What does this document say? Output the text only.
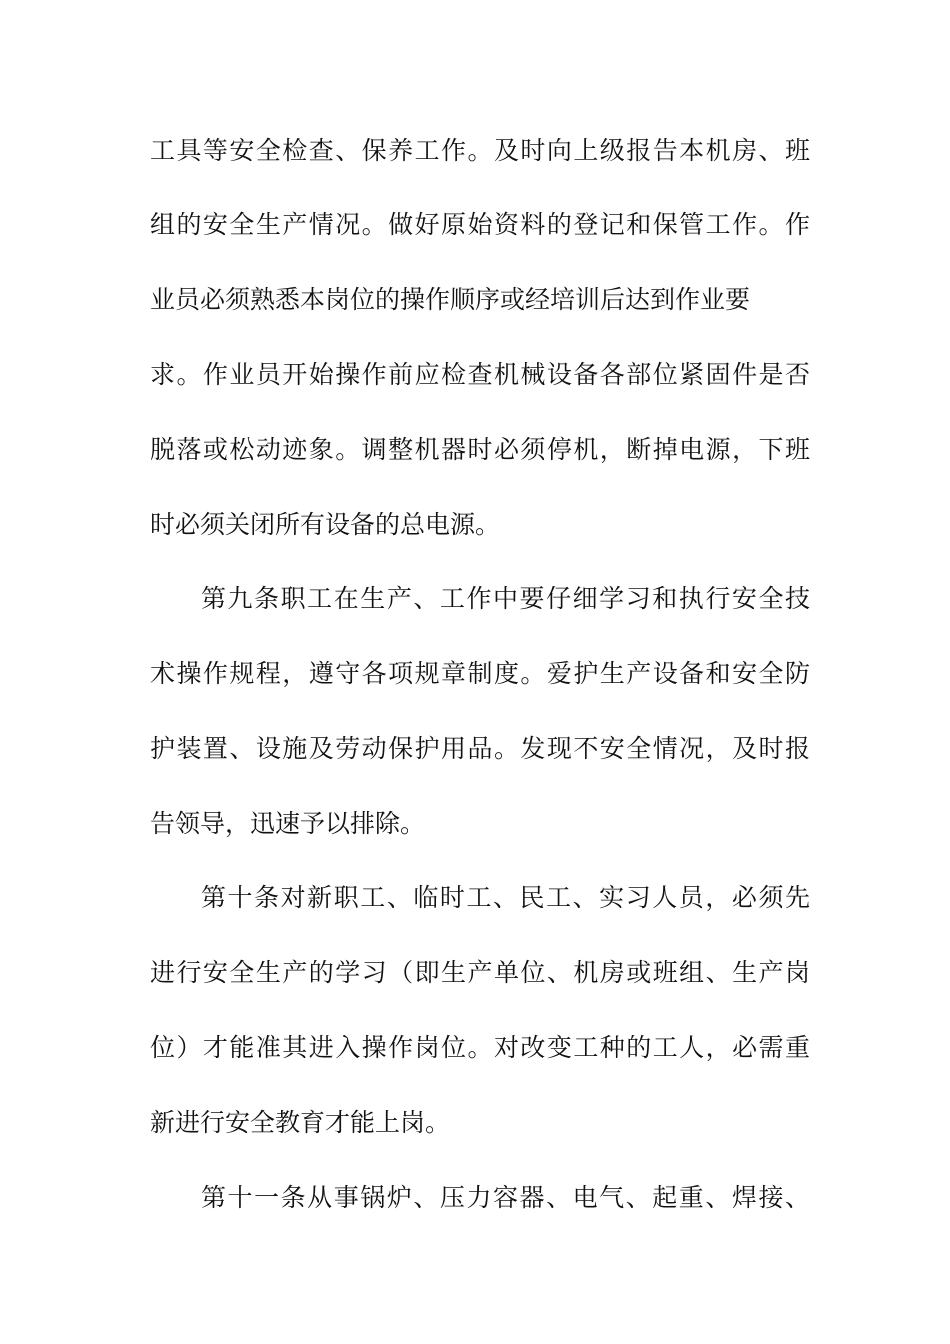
工具等安全检查、保养工作。及时向上级报告本机房、班
组的安全生产情况。做好原始资料的登记和保管工作。作
业员必须熟悉本岗位的操作顺序或经培训后达到作业要
求。作业员开始操作前应检查机械设备各部位紧固件是否
脱落或松动迹象。调整机器时必须停机，断掉电源，下班
时必须关闭所有设备的总电源。
第九条职工在生产、工作中要仔细学习和执行安全技
术操作规程，遵守各项规章制度。爱护生产设备和安全防
护装置、设施及劳动保护用品。发现不安全情况，及时报
告领导，迅速予以排除。
第十条对新职工、临时工、民工、实习人员，必须先
进行安全生产的学习（即生产单位、机房或班组、生产岗
位）才能准其进入操作岗位。对改变工种的工人，必需重
新进行安全教育才能上岗。
第十一条从事锅炉、压力容器、电气、起重、焊接、
